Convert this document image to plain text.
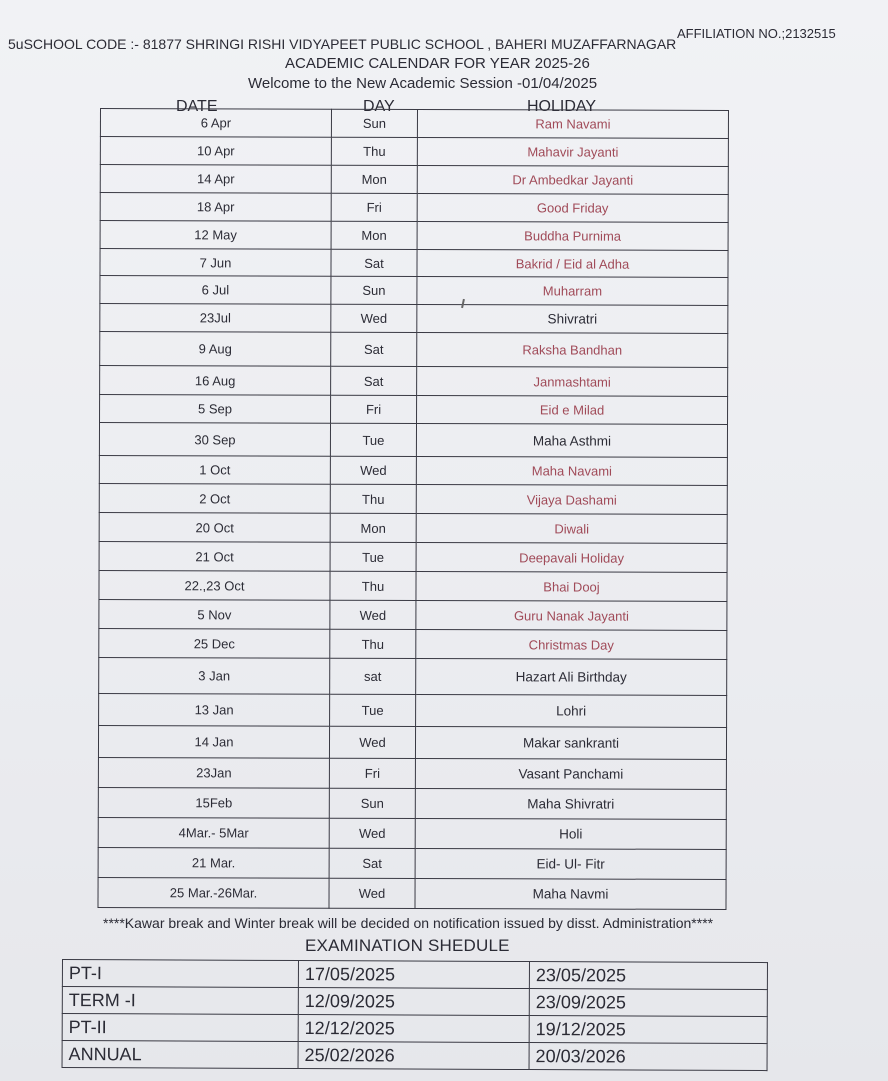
5uSCHOOL CODE :- 81877 SHRINGI RISHI VIDYAPEET PUBLIC SCHOOL , BAHERI MUZAFFARNAGAR
AFFILIATION NO.;2132515
ACADEMIC CALENDAR FOR YEAR 2025-26
Welcome to the New Academic Session -01/04/2025
DATE	DAY	HOLIDAY
6 Apr	Sun	Ram Navami
10 Apr	Thu	Mahavir Jayanti
14 Apr	Mon	Dr Ambedkar Jayanti
18 Apr	Fri	Good Friday
12 May	Mon	Buddha Purnima
7 Jun	Sat	Bakrid / Eid al Adha
6 Jul	Sun	Muharram
23Jul	Wed	Shivratri
9 Aug	Sat	Raksha Bandhan
16 Aug	Sat	Janmashtami
5 Sep	Fri	Eid e Milad
30 Sep	Tue	Maha Asthmi
1 Oct	Wed	Maha Navami
2 Oct	Thu	Vijaya Dashami
20 Oct	Mon	Diwali
21 Oct	Tue	Deepavali Holiday
22.,23 Oct	Thu	Bhai Dooj
5 Nov	Wed	Guru Nanak Jayanti
25 Dec	Thu	Christmas Day
3 Jan	sat	Hazart Ali Birthday
13 Jan	Tue	Lohri
14 Jan	Wed	Makar sankranti
23Jan	Fri	Vasant Panchami
15Feb	Sun	Maha Shivratri
4Mar.- 5Mar	Wed	Holi
21 Mar.	Sat	Eid- Ul- Fitr
25 Mar.-26Mar.	Wed	Maha Navmi
****Kawar break and Winter break will be decided on notification issued by disst. Administration****
EXAMINATION SHEDULE
PT-I	17/05/2025	23/05/2025
TERM -I	12/09/2025	23/09/2025
PT-II	12/12/2025	19/12/2025
ANNUAL	25/02/2026	20/03/2026
